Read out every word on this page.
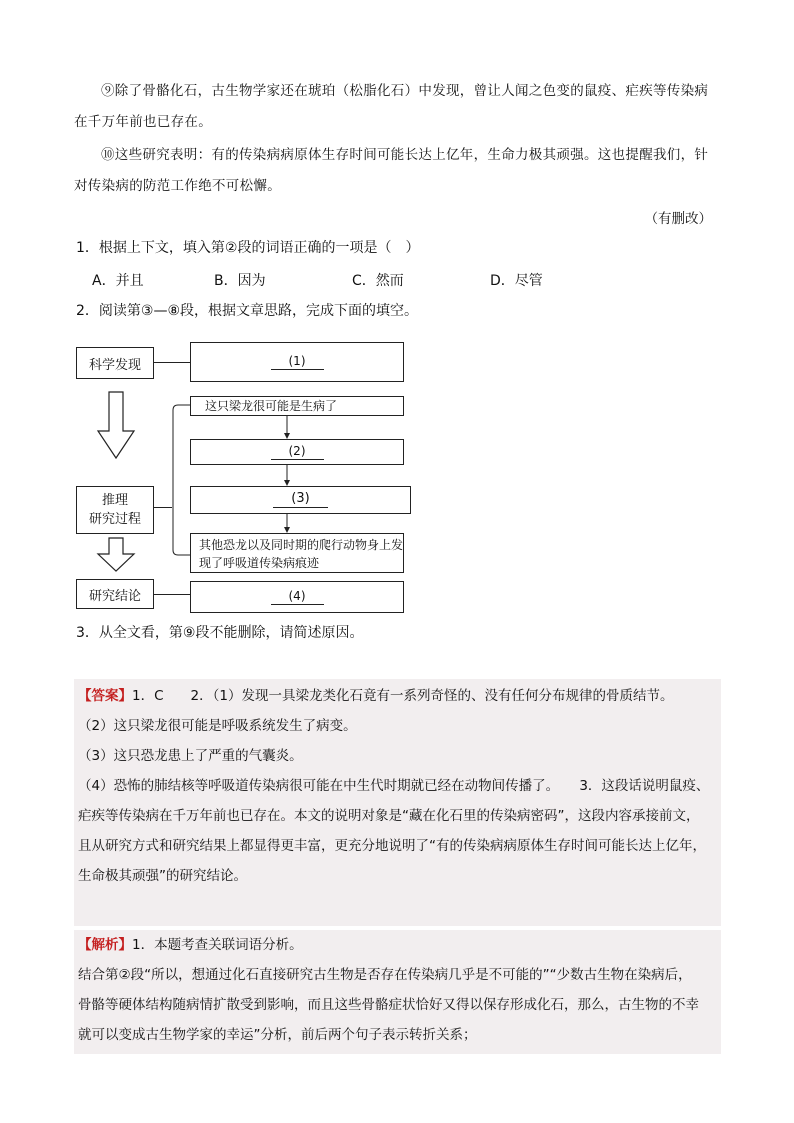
⑨除了骨骼化石，古生物学家还在琥珀（松脂化石）中发现，曾让人闻之色变的鼠疫、疟疾等传染病
在千万年前也已存在。
⑩这些研究表明：有的传染病病原体生存时间可能长达上亿年，生命力极其顽强。这也提醒我们，针
对传染病的防范工作绝不可松懈。
（有删改）
1．根据上下文，填入第②段的词语正确的一项是（　）
A．并且	B．因为	C．然而	D．尽管
2．阅读第③—⑧段，根据文章思路，完成下面的填空。
科学发现
推理
研究过程
研究结论
(1)
这只梁龙很可能是生病了
(2)
(3)
其他恐龙以及同时期的爬行动物身上发
现了呼吸道传染病痕迹
(4)
3．从全文看，第⑨段不能删除，请简述原因。
【答案】1．C　　2．（1）发现一具梁龙类化石竟有一系列奇怪的、没有任何分布规律的骨质结节。
（2）这只梁龙很可能是呼吸系统发生了病变。
（3）这只恐龙患上了严重的气囊炎。
（4）恐怖的肺结核等呼吸道传染病很可能在中生代时期就已经在动物间传播了。　　3．这段话说明鼠疫、
疟疾等传染病在千万年前也已存在。本文的说明对象是“藏在化石里的传染病密码”，这段内容承接前文，
且从研究方式和研究结果上都显得更丰富，更充分地说明了“有的传染病病原体生存时间可能长达上亿年，
生命极其顽强”的研究结论。
【解析】1．本题考查关联词语分析。
结合第②段“所以，想通过化石直接研究古生物是否存在传染病几乎是不可能的”“少数古生物在染病后，
骨骼等硬体结构随病情扩散受到影响，而且这些骨骼症状恰好又得以保存形成化石，那么，古生物的不幸
就可以变成古生物学家的幸运”分析，前后两个句子表示转折关系；
